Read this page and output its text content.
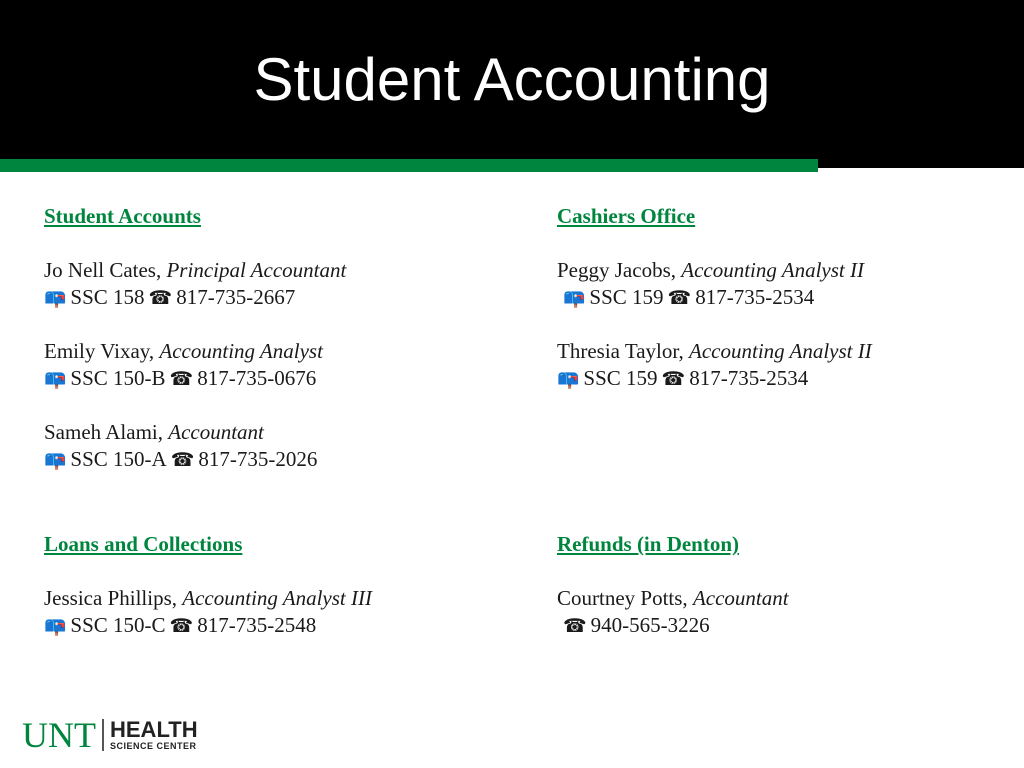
Student Accounting
Student Accounts
Jo Nell Cates, Principal Accountant
📪 SSC 158 ☎ 817-735-2667
Emily Vixay, Accounting Analyst
📪 SSC 150-B ☎ 817-735-0676
Sameh Alami, Accountant
📪 SSC 150-A ☎ 817-735-2026
Cashiers Office
Peggy Jacobs, Accounting Analyst II
📪 SSC 159 ☎ 817-735-2534
Thresia Taylor, Accounting Analyst II
📪 SSC 159 ☎ 817-735-2534
Loans and Collections
Jessica Phillips, Accounting Analyst III
📪 SSC 150-C ☎ 817-735-2548
Refunds (in Denton)
Courtney Potts, Accountant
☎ 940-565-3226
UNT HEALTH
SCIENCE CENTER
